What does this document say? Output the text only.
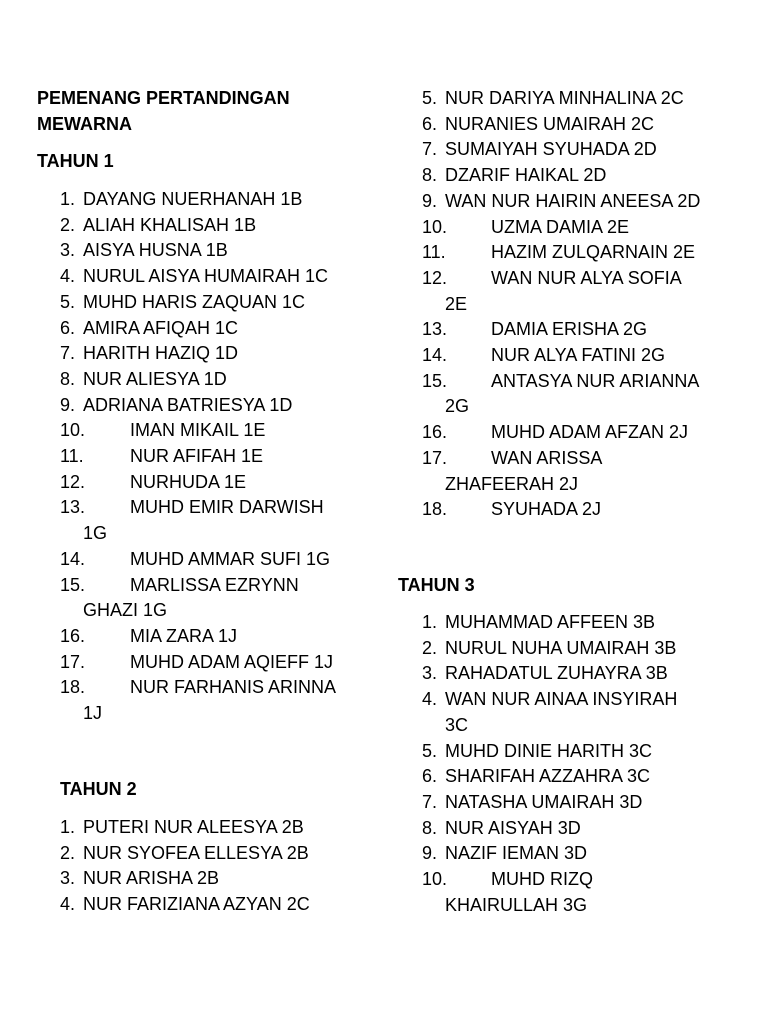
PEMENANG PERTANDINGAN
MEWARNA
TAHUN 1
1. DAYANG NUERHANAH 1B
2. ALIAH KHALISAH 1B
3. AISYA HUSNA 1B
4. NURUL AISYA HUMAIRAH 1C
5. MUHD HARIS ZAQUAN 1C
6. AMIRA AFIQAH 1C
7. HARITH HAZIQ 1D
8. NUR ALIESYA 1D
9. ADRIANA BATRIESYA 1D
10. IMAN MIKAIL 1E
11.	NUR AFIFAH 1E
12. NURHUDA 1E
13. MUHD EMIR DARWISH
1G
14. MUHD AMMAR SUFI 1G
15. MARLISSA EZRYNN
GHAZI 1G
16. MIA ZARA 1J
17. MUHD ADAM AQIEFF 1J
18. NUR FARHANIS ARINNA
1J
TAHUN 2
1. PUTERI NUR ALEESYA 2B
2. NUR SYOFEA ELLESYA 2B
3. NUR ARISHA 2B
4. NUR FARIZIANA AZYAN 2C
5. NUR DARIYA MINHALINA 2C
6. NURANIES UMAIRAH 2C
7. SUMAIYAH SYUHADA 2D
8. DZARIF HAIKAL 2D
9. WAN NUR HAIRIN ANEESA 2D
10. UZMA DAMIA 2E
11.	HAZIM ZULQARNAIN 2E
12. WAN NUR ALYA SOFIA
2E
13. DAMIA ERISHA 2G
14. NUR ALYA FATINI 2G
15. ANTASYA NUR ARIANNA
2G
16. MUHD ADAM AFZAN 2J
17. WAN ARISSA
ZHAFEERAH 2J
18. SYUHADA 2J
TAHUN 3
1. MUHAMMAD AFFEEN 3B
2. NURUL NUHA UMAIRAH 3B
3. RAHADATUL ZUHAYRA 3B
4. WAN NUR AINAA INSYIRAH
3C
5. MUHD DINIE HARITH 3C
6. SHARIFAH AZZAHRA 3C
7. NATASHA UMAIRAH 3D
8. NUR AISYAH 3D
9. NAZIF IEMAN 3D
10. MUHD RIZQ
KHAIRULLAH 3G
